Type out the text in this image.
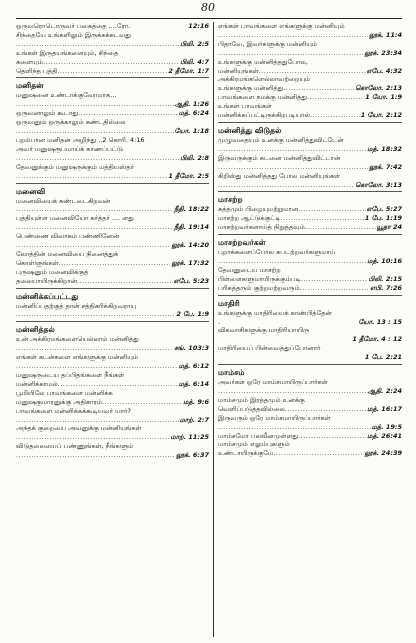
80
ஒருவரொடொருவர் பகைத்தை ....ரோ.	12:16
சிந்தையே உங்களிலும் இருக்கக்கடவது
.....
பிலி. 2:5
உங்கள் இருதயங்களையும், சிந்தை
களையும் .....	பிலி. 4:7
தெளிந்த புத்தி .....	2 தீமோ. 1:7
மனிதன்
மனுஷனை உண்டாக்குவோமாக...
.....
ஆதி. 1:26
ஒருவனாலும் கூடாது .....	மத். 6:24
ஒருவனும் ஒருக்காலும் கண்டதில்லை
.....
யோ. 1:18
புறம்பான மனிதன் அழிந்து ..2 கொரி. 4:16
அவர் மனுஷரூபமாய்க் காணப்பட்டு
.....
பிலி. 2:8
தேவனுக்கும் மனுஷருக்கும் மத்தியஸ்தர்
.....
1 தீமோ. 2:5
மனைவி
மனைவியைக் கண்டடைகிறவன்
.....
நீதி. 18:22
புத்தியுள்ள மனைவியோ கர்த்தர் .... ளது
.....
நீதி. 19:14
பெண்ணை விவாகம் பண்ணினேன்
.....
லூக். 14:20
லோத்தின் மனைவியை நினைத்துக்
கொள்ளுங்கள் .....	லூக். 17:32
புருஷனும் மனைவிக்குத்
தலையாயிருக்கிறான் .....	எபே. 5:23
மன்னிக்கப்பட்டது
மன்னிப்பதற்குத் தான் சத்திகரிக்கிறவராயு
.....
2 பே. 1:9
மன்னித்தல்
உன் அக்கிரமங்களையெல்லாம் மன்னித்து
.....
சங். 103:3
எங்கள் கடன்களை எங்களுக்கு மன்னியும்
.....
மத். 6:12
மனுஷருடைய தப்பிதங்களை நீங்கள்
மன்னிக்காமல் .....	மத். 6:14
பூமியிலே பாவங்களை மன்னிக்க
மனுஷகுமாரனுக்கு அதிகாரம் .....	மத். 9:6
பாவங்களை மன்னிக்கக்கூடியவர் யார்?
.....
மாற். 2:7
அந்தக் குறையை அவனுக்கு மன்னியுங்கள்
.....
மாற். 11:25
விடுதலையைப் பண்ணுங்கள், நீங்களும்
.....
லூக். 6:37
எங்கள் பாவங்களை எங்களுக்கு மன்னியும்
.....
லூக். 11:4
பிதாவே, இவர்களுக்கு மன்னியும்
.....
லூக். 23:34
உங்களுக்கு மன்னித்ததுபோல,
மன்னியுங்கள் .....	எபே. 4:32
அக்கிரமங்களெல்லாவற்றையும்
உங்களுக்கு மன்னித்து .....	கொலோ. 2:13
பாவங்களை நமக்கு மன்னித்து .....	1 யோ. 1:9
உங்கள் பாவங்கள்
மன்னிக்கப்பட்டிருக்கிறபடியால் .....	1 யோ. 2:12
மன்னித்து விடுதல்
முழுவதையும் உனக்கு மன்னித்துவிட்டேன்
.....
மத். 18:32
இருவருக்கும் கடனை மன்னித்துவிட்டான்
.....
லூக். 7:42
கிறிஸ்து மன்னித்தது போல மன்னியுங்கள்
.....
கொலோ. 3:13
மாசற்ற
சுத்தமும் பிழையுமற்றுமான .....	எபே. 5:27
மாசற்ற ஆட்டுக்குட்டி .....	1 பே. 1:19
மாசற்றவர்களாய்த் நிறுத்தவும் .....	யூதா 24
மாசற்றவர்கள்
புறாக்களைப்போல கபடற்றவர்களுமாய்
.....
மத். 10:16
தேவனுடைய மாசற்ற
பிள்ளைகளுமாயிருக்கும்படி .....	பிலி. 2:15
பரிசுத்தரும் குற்றமற்றவரும் .....	எபி. 7:26
மாதிரி
உங்களுக்கு மாதிரியைக் காண்பித்தேன்
.	யோ. 13 : 15
விசுவாசிகளுக்கு மாதிரியாயிரு
1 தீமோ. 4 : 12
மாதிரியைப் பின்வைத்துப்போனார்
1 பே. 2:21
மாம்சம்
அவர்கள் ஒரே மாம்சமாயிருப்பார்கள்
.....
ஆதி. 2:24
மாம்சமும் இரத்தமும் உனக்கு
வெளிப்படுத்தவில்லை .....	மத். 16:17
இருவரும் ஒரே மாம்சமாயிருப்பார்கள்
.....
மத். 19:5
மாம்சமோ பலவீனமுள்ளது .....	மத். 26:41
மாம்சமும் எலும்புகளும்
உண்டாயிருக்குமே .....	லூக். 24:39
